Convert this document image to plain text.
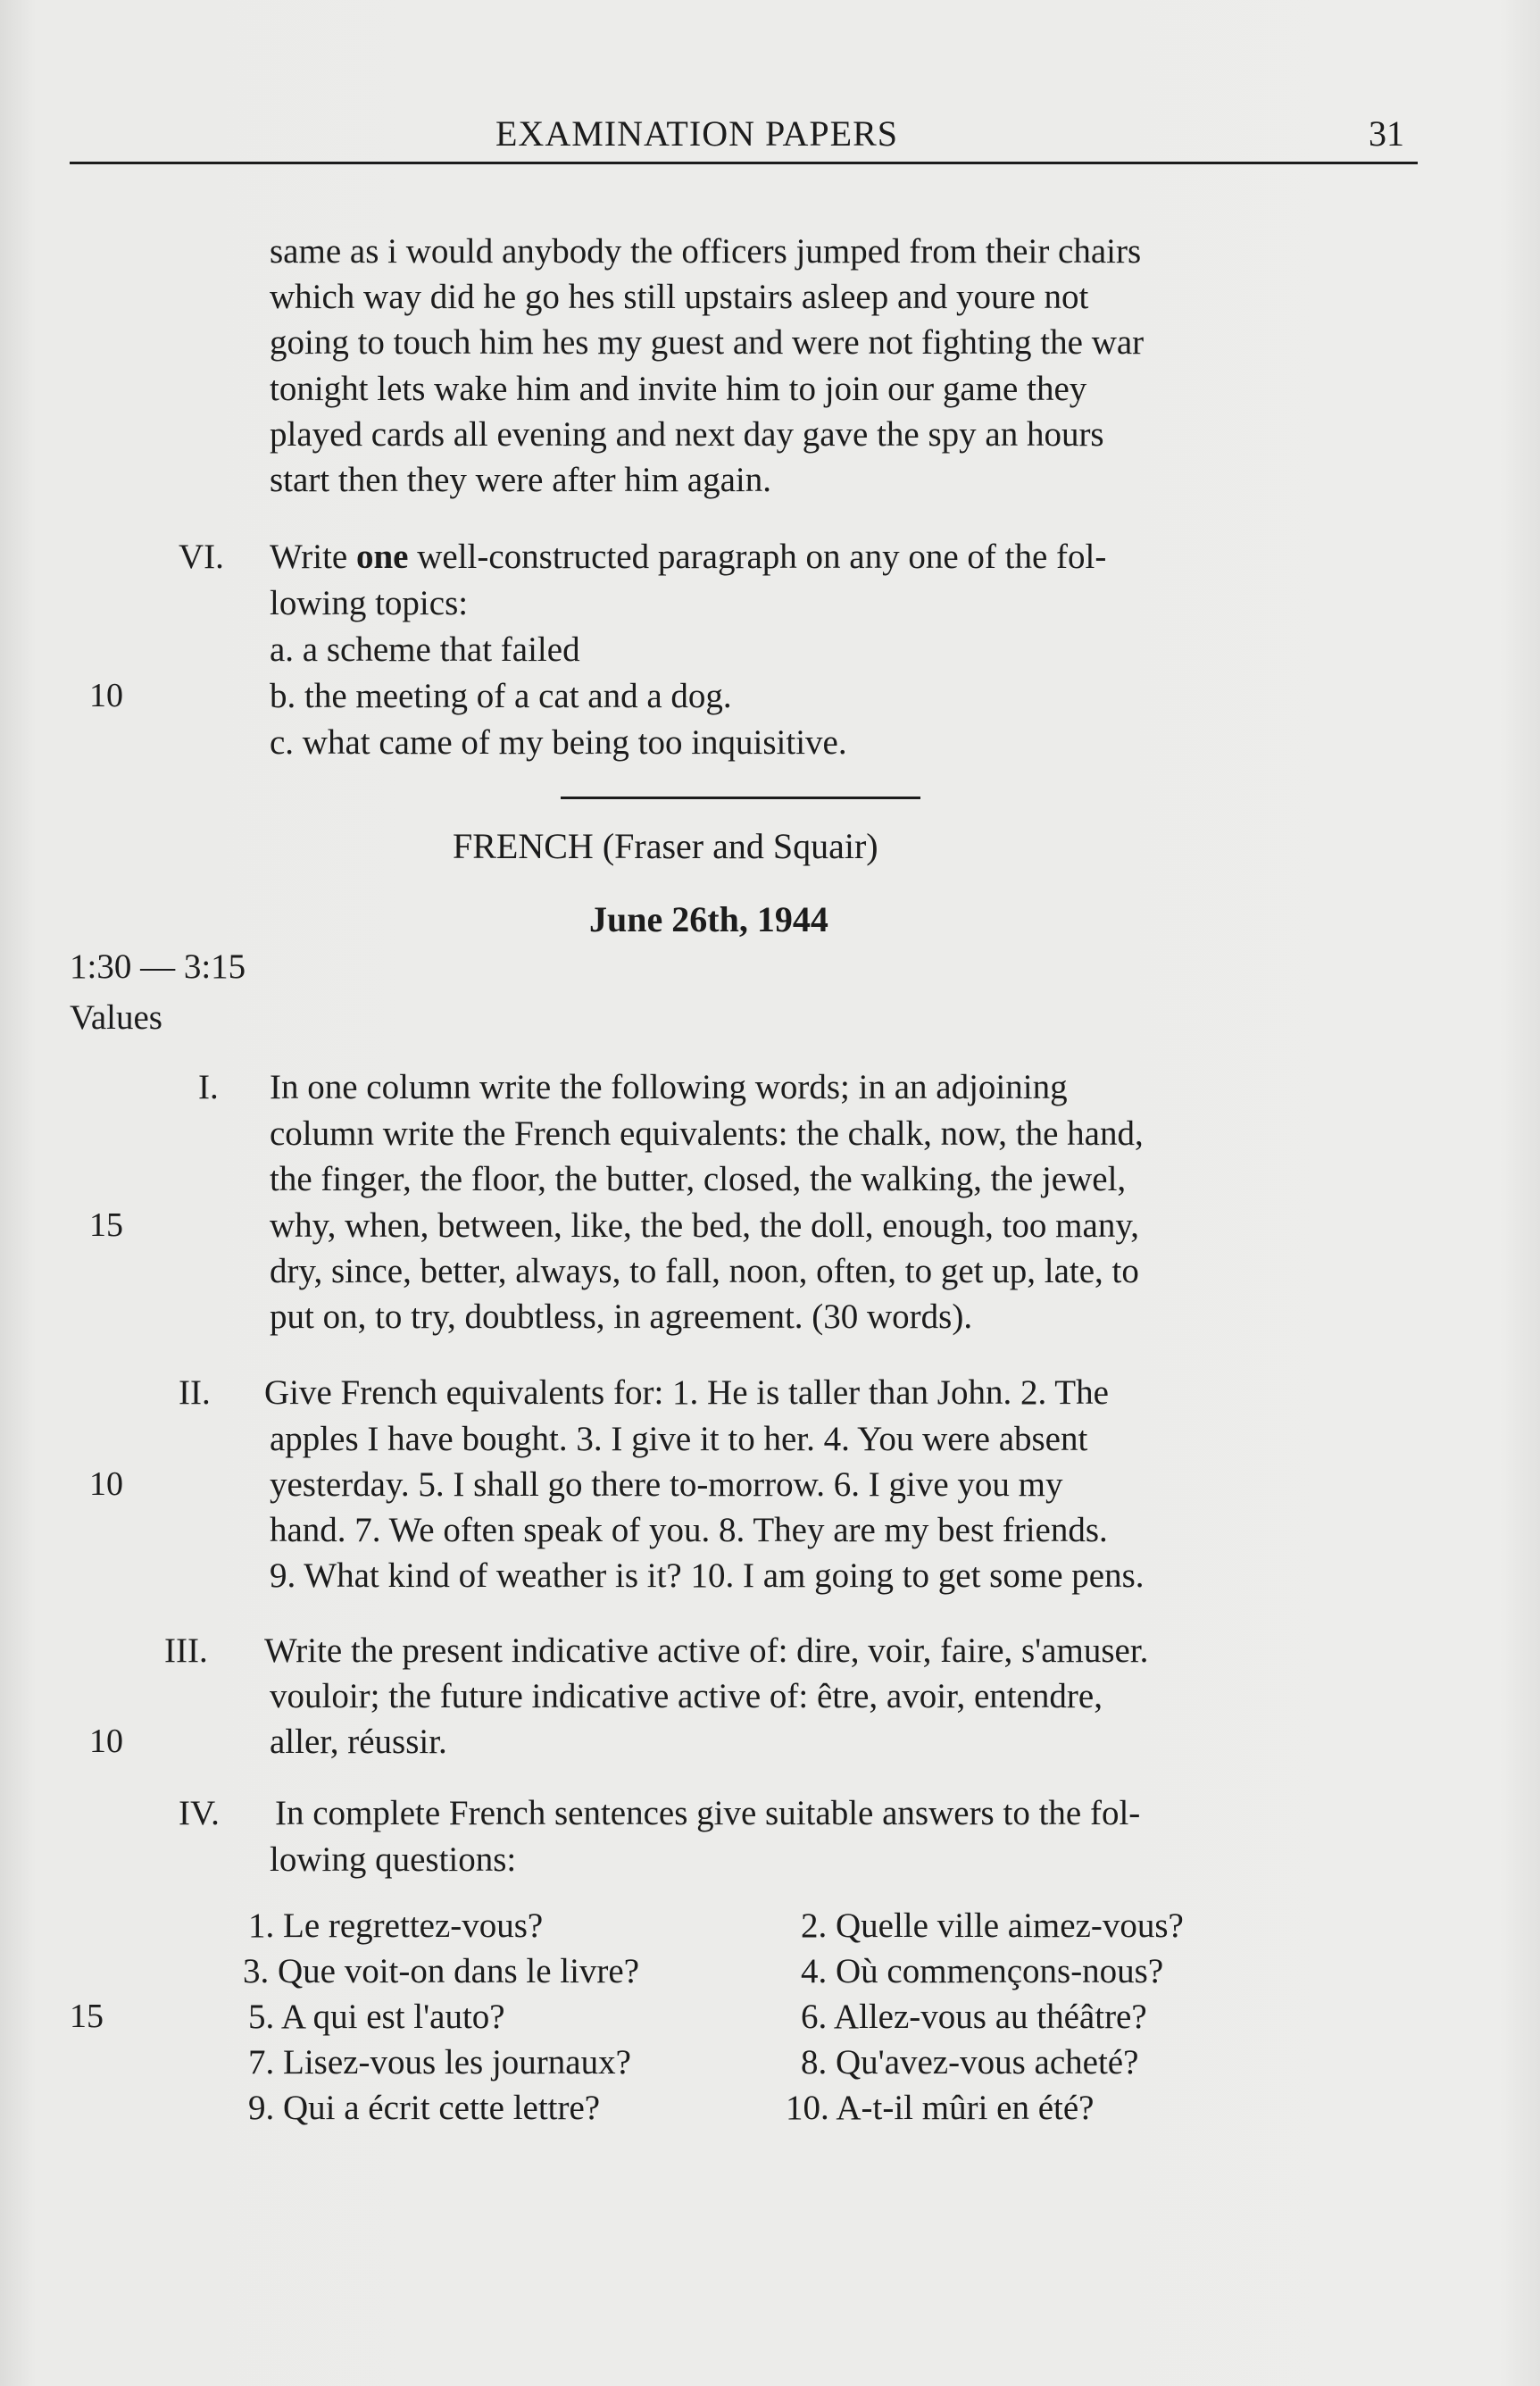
EXAMINATION PAPERS	31
same as i would anybody the officers jumped from their chairs
which way did he go hes still upstairs asleep and youre not
going to touch him hes my guest and were not fighting the war
tonight lets wake him and invite him to join our game they
played cards all evening and next day gave the spy an hours
start then they were after him again.
VI. Write one well-constructed paragraph on any one of the fol-
lowing topics:
a. a scheme that failed
10	b. the meeting of a cat and a dog.
c. what came of my being too inquisitive.
FRENCH (Fraser and Squair)
June 26th, 1944
1:30 — 3:15
Values
I. In one column write the following words; in an adjoining
column write the French equivalents: the chalk, now, the hand,
the finger, the floor, the butter, closed, the walking, the jewel,
15	why, when, between, like, the bed, the doll, enough, too many,
dry, since, better, always, to fall, noon, often, to get up, late, to
put on, to try, doubtless, in agreement. (30 words).
II. Give French equivalents for: 1. He is taller than John. 2. The
apples I have bought. 3. I give it to her. 4. You were absent
10	yesterday. 5. I shall go there to-morrow. 6. I give you my
hand. 7. We often speak of you. 8. They are my best friends.
9. What kind of weather is it? 10. I am going to get some pens.
III. Write the present indicative active of: dire, voir, faire, s'amuser.
vouloir; the future indicative active of: être, avoir, entendre,
10	aller, réussir.
IV. In complete French sentences give suitable answers to the fol-
lowing questions:
1. Le regrettez-vous?	2. Quelle ville aimez-vous?
3. Que voit-on dans le livre?	4. Où commençons-nous?
15	5. A qui est l'auto?	6. Allez-vous au théâtre?
7. Lisez-vous les journaux?	8. Qu'avez-vous acheté?
9. Qui a écrit cette lettre?	10. A-t-il mûri en été?
